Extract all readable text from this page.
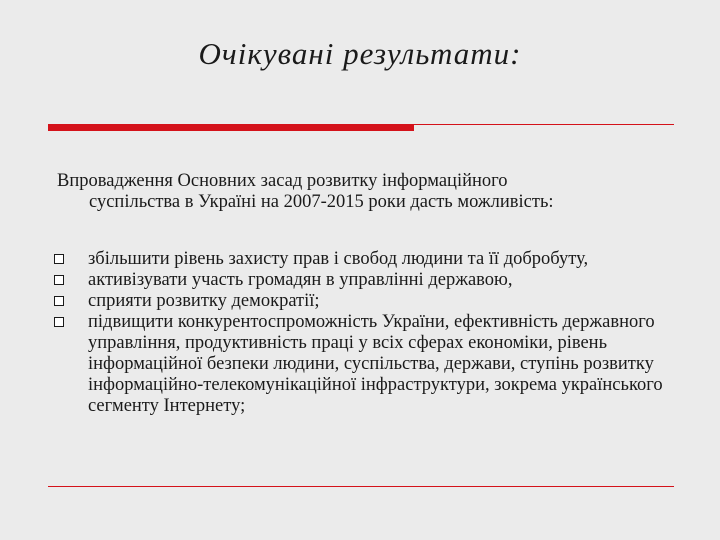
Очікувані результати:
Впровадження Основних засад розвитку інформаційного
суспільства в Україні на 2007-2015 роки дасть можливість:
збільшити рівень захисту прав і свобод людини та її добробуту,
активізувати участь громадян в управлінні державою,
сприяти розвитку демократії;
підвищити конкурентоспроможність України, ефективність державного управління, продуктивність праці у всіх сферах економіки, рівень інформаційної безпеки людини, суспільства, держави, ступінь розвитку інформаційно-телекомунікаційної інфраструктури, зокрема українського сегменту Інтернету;
